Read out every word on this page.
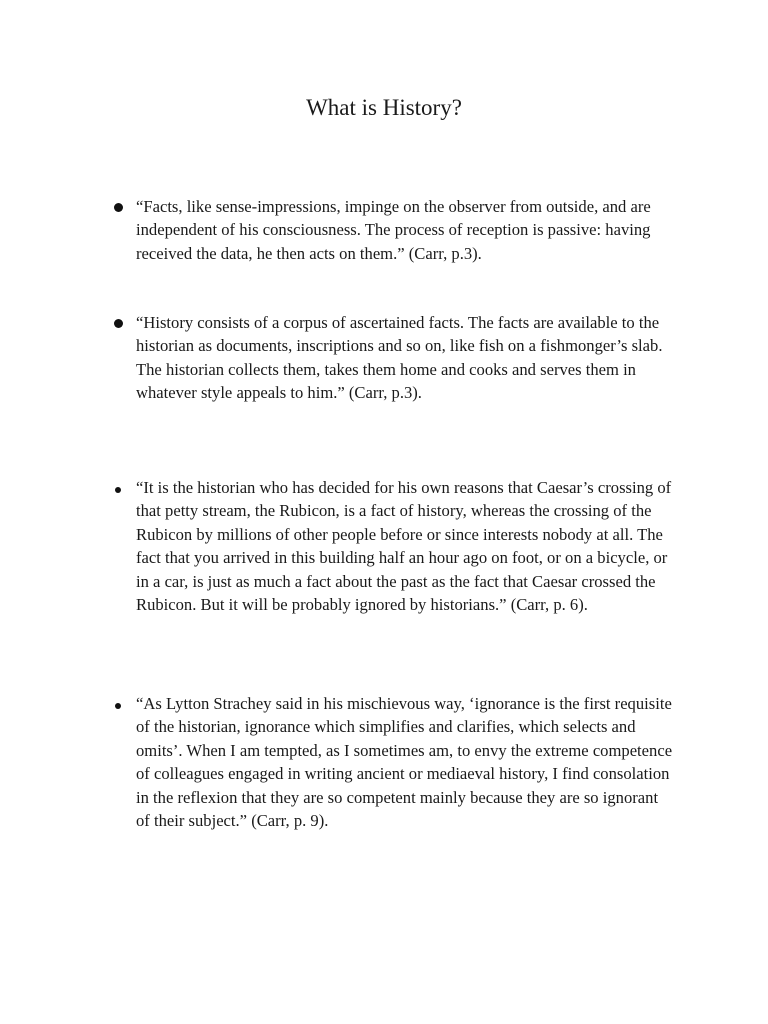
What is History?

“Facts, like sense-impressions, impinge on the observer from outside, and are independent of his consciousness. The process of reception is passive: having received the data, he then acts on them.” (Carr, p.3).

“History consists of a corpus of ascertained facts. The facts are available to the historian as documents, inscriptions and so on, like fish on a fishmonger’s slab. The historian collects them, takes them home and cooks and serves them in whatever style appeals to him.” (Carr, p.3).

“It is the historian who has decided for his own reasons that Caesar’s crossing of that petty stream, the Rubicon, is a fact of history, whereas the crossing of the Rubicon by millions of other people before or since interests nobody at all. The fact that you arrived in this building half an hour ago on foot, or on a bicycle, or in a car, is just as much a fact about the past as the fact that Caesar crossed the Rubicon. But it will be probably ignored by historians.” (Carr, p. 6).

“As Lytton Strachey said in his mischievous way, ‘ignorance is the first requisite of the historian, ignorance which simplifies and clarifies, which selects and omits’. When I am tempted, as I sometimes am, to envy the extreme competence of colleagues engaged in writing ancient or mediaeval history, I find consolation in the reflexion that they are so competent mainly because they are so ignorant of their subject.” (Carr, p. 9).
